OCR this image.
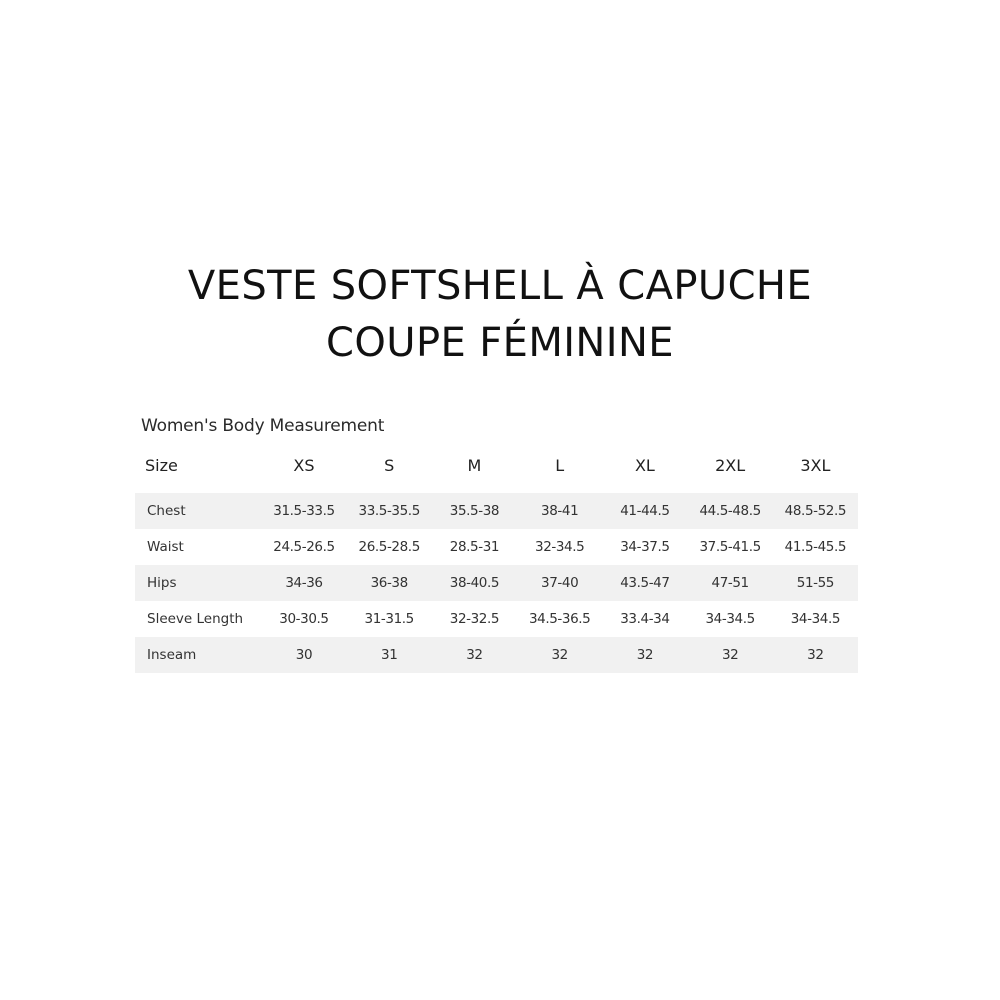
VESTE SOFTSHELL À CAPUCHE
COUPE FÉMININE
Women's Body Measurement
Size	XS	S	M	L	XL	2XL	3XL

Chest	31.5-33.5	33.5-35.5	35.5-38	38-41	41-44.5	44.5-48.5	48.5-52.5
Waist	24.5-26.5	26.5-28.5	28.5-31	32-34.5	34-37.5	37.5-41.5	41.5-45.5
Hips	34-36	36-38	38-40.5	37-40	43.5-47	47-51	51-55
Sleeve Length	30-30.5	31-31.5	32-32.5	34.5-36.5	33.4-34	34-34.5	34-34.5
Inseam	30	31	32	32	32	32	32
